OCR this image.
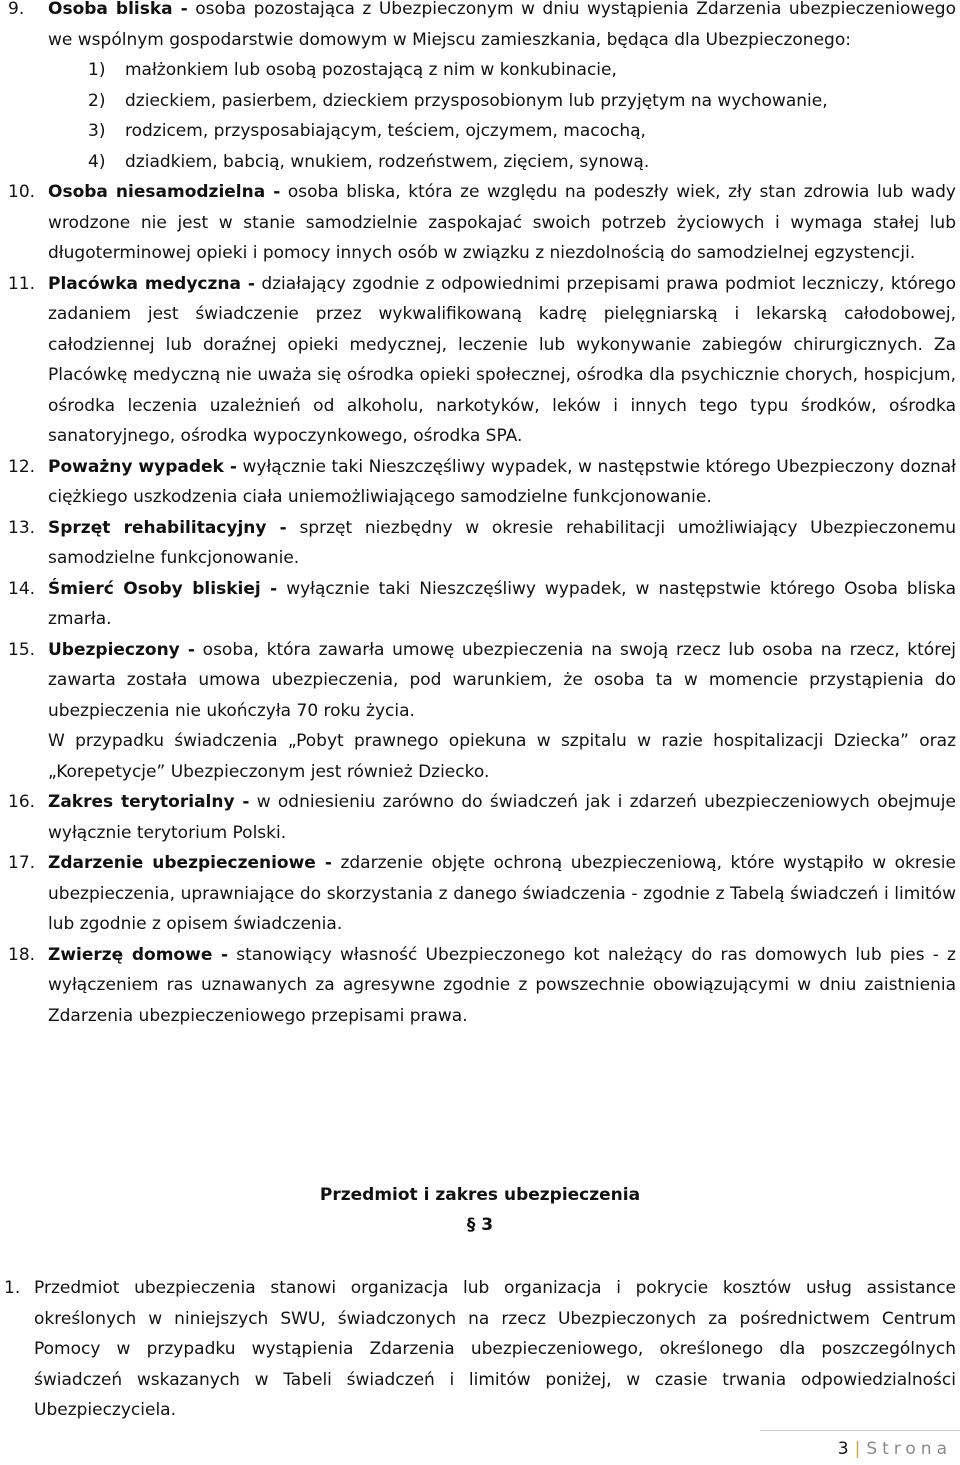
9. Osoba bliska - osoba pozostająca z Ubezpieczonym w dniu wystąpienia Zdarzenia ubezpieczeniowego we wspólnym gospodarstwie domowym w Miejscu zamieszkania, będąca dla Ubezpieczonego:
1) małżonkiem lub osobą pozostającą z nim w konkubinacie,
2) dzieckiem, pasierbem, dzieckiem przysposobionym lub przyjętym na wychowanie,
3) rodzicem, przysposabiającym, teściem, ojczymem, macochą,
4) dziadkiem, babcią, wnukiem, rodzeństwem, zięciem, synową.
10. Osoba niesamodzielna - osoba bliska, która ze względu na podeszły wiek, zły stan zdrowia lub wady wrodzone nie jest w stanie samodzielnie zaspokajać swoich potrzeb życiowych i wymaga stałej lub długoterminowej opieki i pomocy innych osób w związku z niezdolnością do samodzielnej egzystencji.
11. Placówka medyczna - działający zgodnie z odpowiednimi przepisami prawa podmiot leczniczy, którego zadaniem jest świadczenie przez wykwalifikowaną kadrę pielęgniarską i lekarską całodobowej, całodziennej lub doraźnej opieki medycznej, leczenie lub wykonywanie zabiegów chirurgicznych. Za Placówkę medyczną nie uważa się ośrodka opieki społecznej, ośrodka dla psychicznie chorych, hospicjum, ośrodka leczenia uzależnień od alkoholu, narkotyków, leków i innych tego typu środków, ośrodka sanatoryjnego, ośrodka wypoczynkowego, ośrodka SPA.
12. Poważny wypadek - wyłącznie taki Nieszczęśliwy wypadek, w następstwie którego Ubezpieczony doznał ciężkiego uszkodzenia ciała uniemożliwiającego samodzielne funkcjonowanie.
13. Sprzęt rehabilitacyjny - sprzęt niezbędny w okresie rehabilitacji umożliwiający Ubezpieczonemu samodzielne funkcjonowanie.
14. Śmierć Osoby bliskiej - wyłącznie taki Nieszczęśliwy wypadek, w następstwie którego Osoba bliska zmarła.
15. Ubezpieczony - osoba, która zawarła umowę ubezpieczenia na swoją rzecz lub osoba na rzecz, której zawarta została umowa ubezpieczenia, pod warunkiem, że osoba ta w momencie przystąpienia do ubezpieczenia nie ukończyła 70 roku życia.
W przypadku świadczenia „Pobyt prawnego opiekuna w szpitalu w razie hospitalizacji Dziecka” oraz „Korepetycje” Ubezpieczonym jest również Dziecko.
16. Zakres terytorialny - w odniesieniu zarówno do świadczeń jak i zdarzeń ubezpieczeniowych obejmuje wyłącznie terytorium Polski.
17. Zdarzenie ubezpieczeniowe - zdarzenie objęte ochroną ubezpieczeniową, które wystąpiło w okresie ubezpieczenia, uprawniające do skorzystania z danego świadczenia - zgodnie z Tabelą świadczeń i limitów lub zgodnie z opisem świadczenia.
18. Zwierzę domowe - stanowiący własność Ubezpieczonego kot należący do ras domowych lub pies - z wyłączeniem ras uznawanych za agresywne zgodnie z powszechnie obowiązującymi w dniu zaistnienia Zdarzenia ubezpieczeniowego przepisami prawa.
Przedmiot i zakres ubezpieczenia
§ 3
1. Przedmiot ubezpieczenia stanowi organizacja lub organizacja i pokrycie kosztów usług assistance określonych w niniejszych SWU, świadczonych na rzecz Ubezpieczonych za pośrednictwem Centrum Pomocy w przypadku wystąpienia Zdarzenia ubezpieczeniowego, określonego dla poszczególnych świadczeń wskazanych w Tabeli świadczeń i limitów poniżej, w czasie trwania odpowiedzialności Ubezpieczyciela.
3 | Strona
